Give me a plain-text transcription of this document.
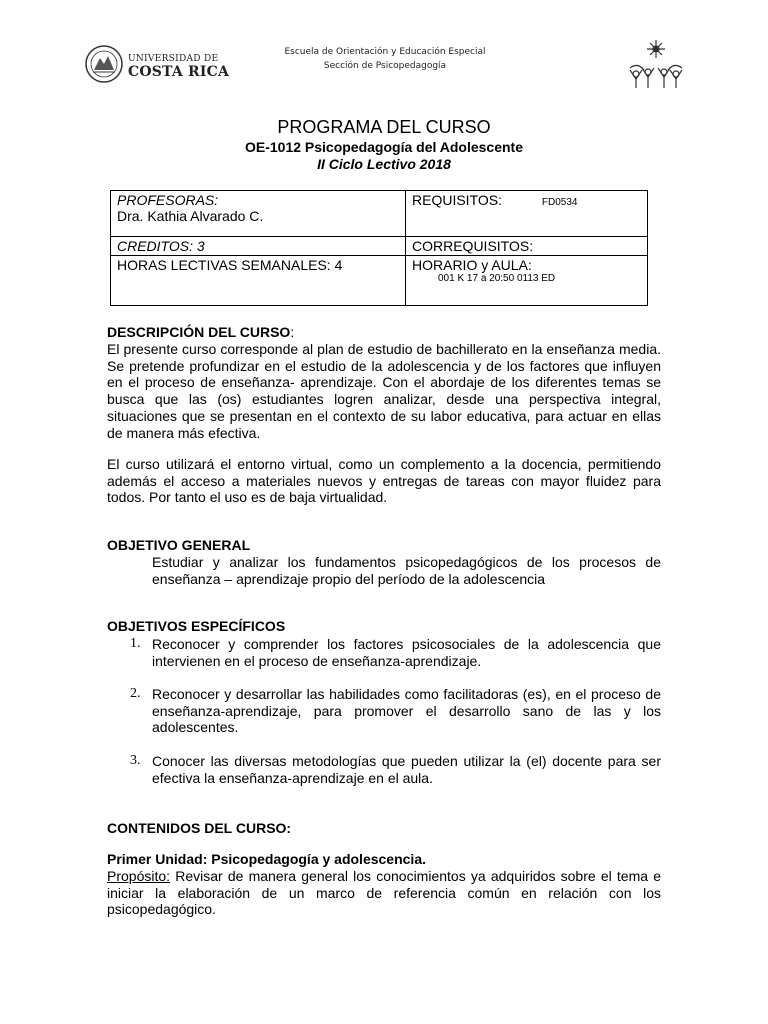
UNIVERSIDAD DE
COSTA RICA
Escuela de Orientación y Educación Especial
Sección de Psicopedagogía
PROGRAMA DEL CURSO
OE-1012 Psicopedagogía del Adolescente
II Ciclo Lectivo 2018
PROFESORAS:
Dra. Kathia Alvarado C.	REQUISITOS: FD0534
CREDITOS: 3	CORREQUISITOS:
HORAS LECTIVAS SEMANALES: 4	HORARIO y AULA:
001 K 17 a 20:50 0113 ED
DESCRIPCIÓN DEL CURSO:
El presente curso corresponde al plan de estudio de bachillerato en la enseñanza media. Se pretende profundizar en el estudio de la adolescencia y de los factores que influyen en el proceso de enseñanza- aprendizaje. Con el abordaje de los diferentes temas se busca que las (os) estudiantes logren analizar, desde una perspectiva integral, situaciones que se presentan en el contexto de su labor educativa, para actuar en ellas de manera más efectiva.
El curso utilizará el entorno virtual, como un complemento a la docencia, permitiendo además el acceso a materiales nuevos y entregas de tareas con mayor fluidez para todos. Por tanto el uso es de baja virtualidad.
OBJETIVO GENERAL
Estudiar y analizar los fundamentos psicopedagógicos de los procesos de enseñanza – aprendizaje propio del período de la adolescencia
OBJETIVOS ESPECÍFICOS
1. Reconocer y comprender los factores psicosociales de la adolescencia que intervienen en el proceso de enseñanza-aprendizaje.
2. Reconocer y desarrollar las habilidades como facilitadoras (es), en el proceso de enseñanza-aprendizaje, para promover el desarrollo sano de las y los adolescentes.
3. Conocer las diversas metodologías que pueden utilizar la (el) docente para ser efectiva la enseñanza-aprendizaje en el aula.
CONTENIDOS DEL CURSO:
Primer Unidad: Psicopedagogía y adolescencia.
Propósito: Revisar de manera general los conocimientos ya adquiridos sobre el tema e iniciar la elaboración de un marco de referencia común en relación con los psicopedagógico.
